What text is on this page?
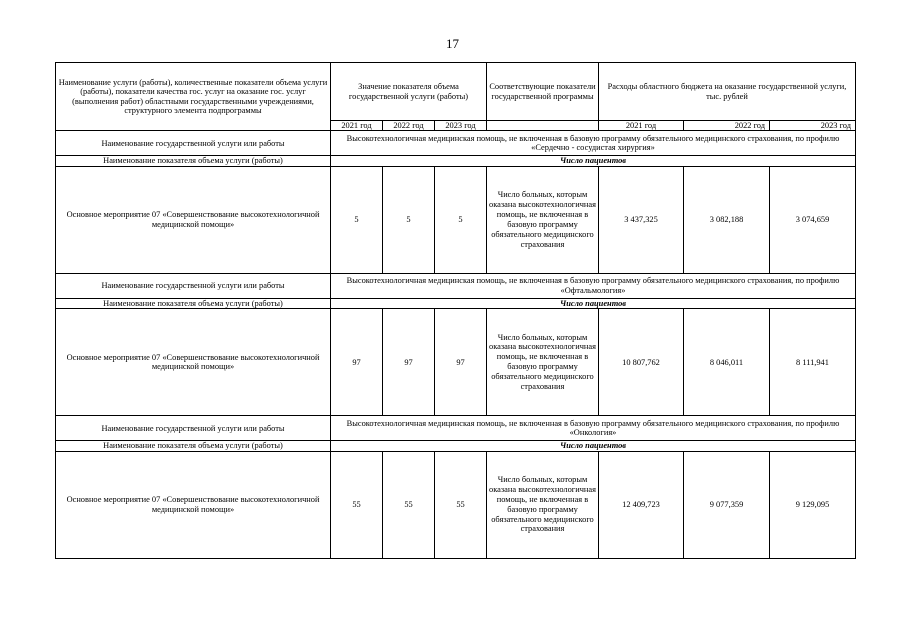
17
Наименование услуги (работы), количественные показатели объема услуги (работы), показатели качества гос. услуг на оказание гос. услуг (выполнения работ) областными государственными учреждениями, структурного элемента подпрограммы	Значение показателя объема государственной услуги (работы)			Соответствующие показатели государственной программы	Расходы областного бюджета на оказание государственной услуги, тыс. рублей		
	2021 год	2022 год	2023 год		2021 год	2022 год	2023 год
Наименование государственной услуги или работы	Высокотехнологичная медицинская помощь, не включенная в базовую программу обязательного медицинского страхования, по профилю «Сердечно - сосудистая хирургия»						
Наименование показателя объема услуги (работы)	Число пациентов						
Основное мероприятие 07 «Совершенствование высокотехнологичной медицинской помощи»	5	5	5	Число больных, которым оказана высокотехнологичная помощь, не включенная в базовую программу обязательного медицинского страхования	3 437,325	3 082,188	3 074,659
Наименование государственной услуги или работы	Высокотехнологичная медицинская помощь, не включенная в базовую программу обязательного медицинского страхования, по профилю «Офтальмология»						
Наименование показателя объема услуги (работы)	Число пациентов						
Основное мероприятие 07 «Совершенствование высокотехнологичной медицинской помощи»	97	97	97	Число больных, которым оказана высокотехнологичная помощь, не включенная в базовую программу обязательного медицинского страхования	10 807,762	8 046,011	8 111,941
Наименование государственной услуги или работы	Высокотехнологичная медицинская помощь, не включенная в базовую программу обязательного медицинского страхования, по профилю «Онкология»						
Наименование показателя объема услуги (работы)	Число пациентов						
Основное мероприятие 07 «Совершенствование высокотехнологичной медицинской помощи»	55	55	55	Число больных, которым оказана высокотехнологичная помощь, не включенная в базовую программу обязательного медицинского страхования	12 409,723	9 077,359	9 129,095
